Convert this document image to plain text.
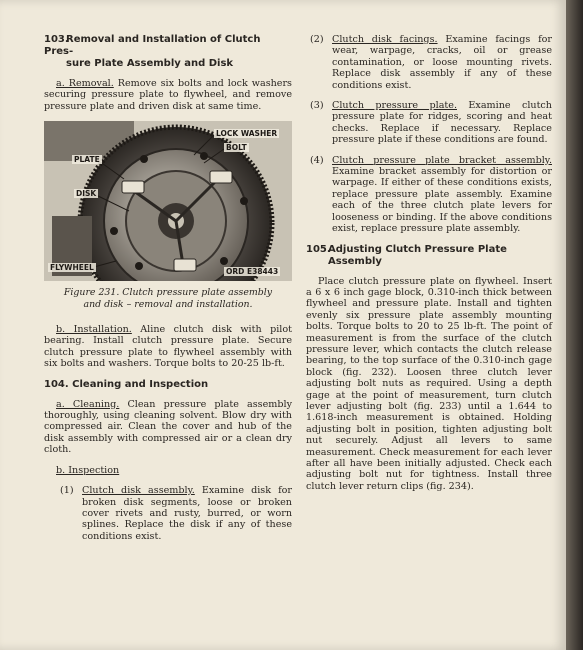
103.Removal and Installation of Clutch Pres-
sure Plate Assembly and Disk

a. Removal. Remove six bolts and lock washers securing pressure plate to flywheel, and remove pressure plate and driven disk at same time.

LOCK WASHER
BOLT
PLATE
DISK
FLYWHEEL	ORD E38443
Figure 231. Clutch pressure plate assembly
and disk – removal and installation.

b. Installation. Aline clutch disk with pilot bearing. Install clutch pressure plate. Secure clutch pressure plate to flywheel assembly with six bolts and washers. Torque bolts to 20-25 lb-ft.

104. Cleaning and Inspection

a. Cleaning. Clean pressure plate assembly thoroughly, using cleaning solvent. Blow dry with compressed air. Clean the cover and hub of the disk assembly with compressed air or a clean dry cloth.

b. Inspection

(1) Clutch disk assembly. Examine disk for broken disk segments, loose or broken cover rivets and rusty, burred, or worn splines. Replace the disk if any of these conditions exist.
(2) Clutch disk facings. Examine facings for wear, warpage, cracks, oil or grease contamination, or loose mounting rivets. Replace disk assembly if any of these conditions exist.
(3) Clutch pressure plate. Examine clutch pressure plate for ridges, scoring and heat checks. Replace if necessary. Replace pressure plate if these conditions are found.
(4) Clutch pressure plate bracket assembly. Examine bracket assembly for distortion or warpage. If either of these conditions exists, replace pressure plate assembly. Examine each of the three clutch plate levers for looseness or binding. If the above conditions exist, replace pressure plate assembly.
105.Adjusting Clutch Pressure Plate
Assembly

Place clutch pressure plate on flywheel. Insert a 6 x 6 inch gage block, 0.310-inch thick between flywheel and pressure plate. Install and tighten evenly six pressure plate assembly mounting bolts. Torque bolts to 20 to 25 lb-ft. The point of measurement is from the surface of the clutch pressure lever, which contacts the clutch release bearing, to the top surface of the 0.310-inch gage block (fig. 232). Loosen three clutch lever adjusting bolt nuts as required. Using a depth gage at the point of measurement, turn clutch lever adjusting bolt (fig. 233) until a 1.644 to 1.618-inch measurement is obtained. Holding adjusting bolt in position, tighten adjusting bolt nut securely. Adjust all levers to same measurement. Check measurement for each lever after all have been initially adjusted. Check each adjusting bolt nut for tightness. Install three clutch lever return clips (fig. 234).
